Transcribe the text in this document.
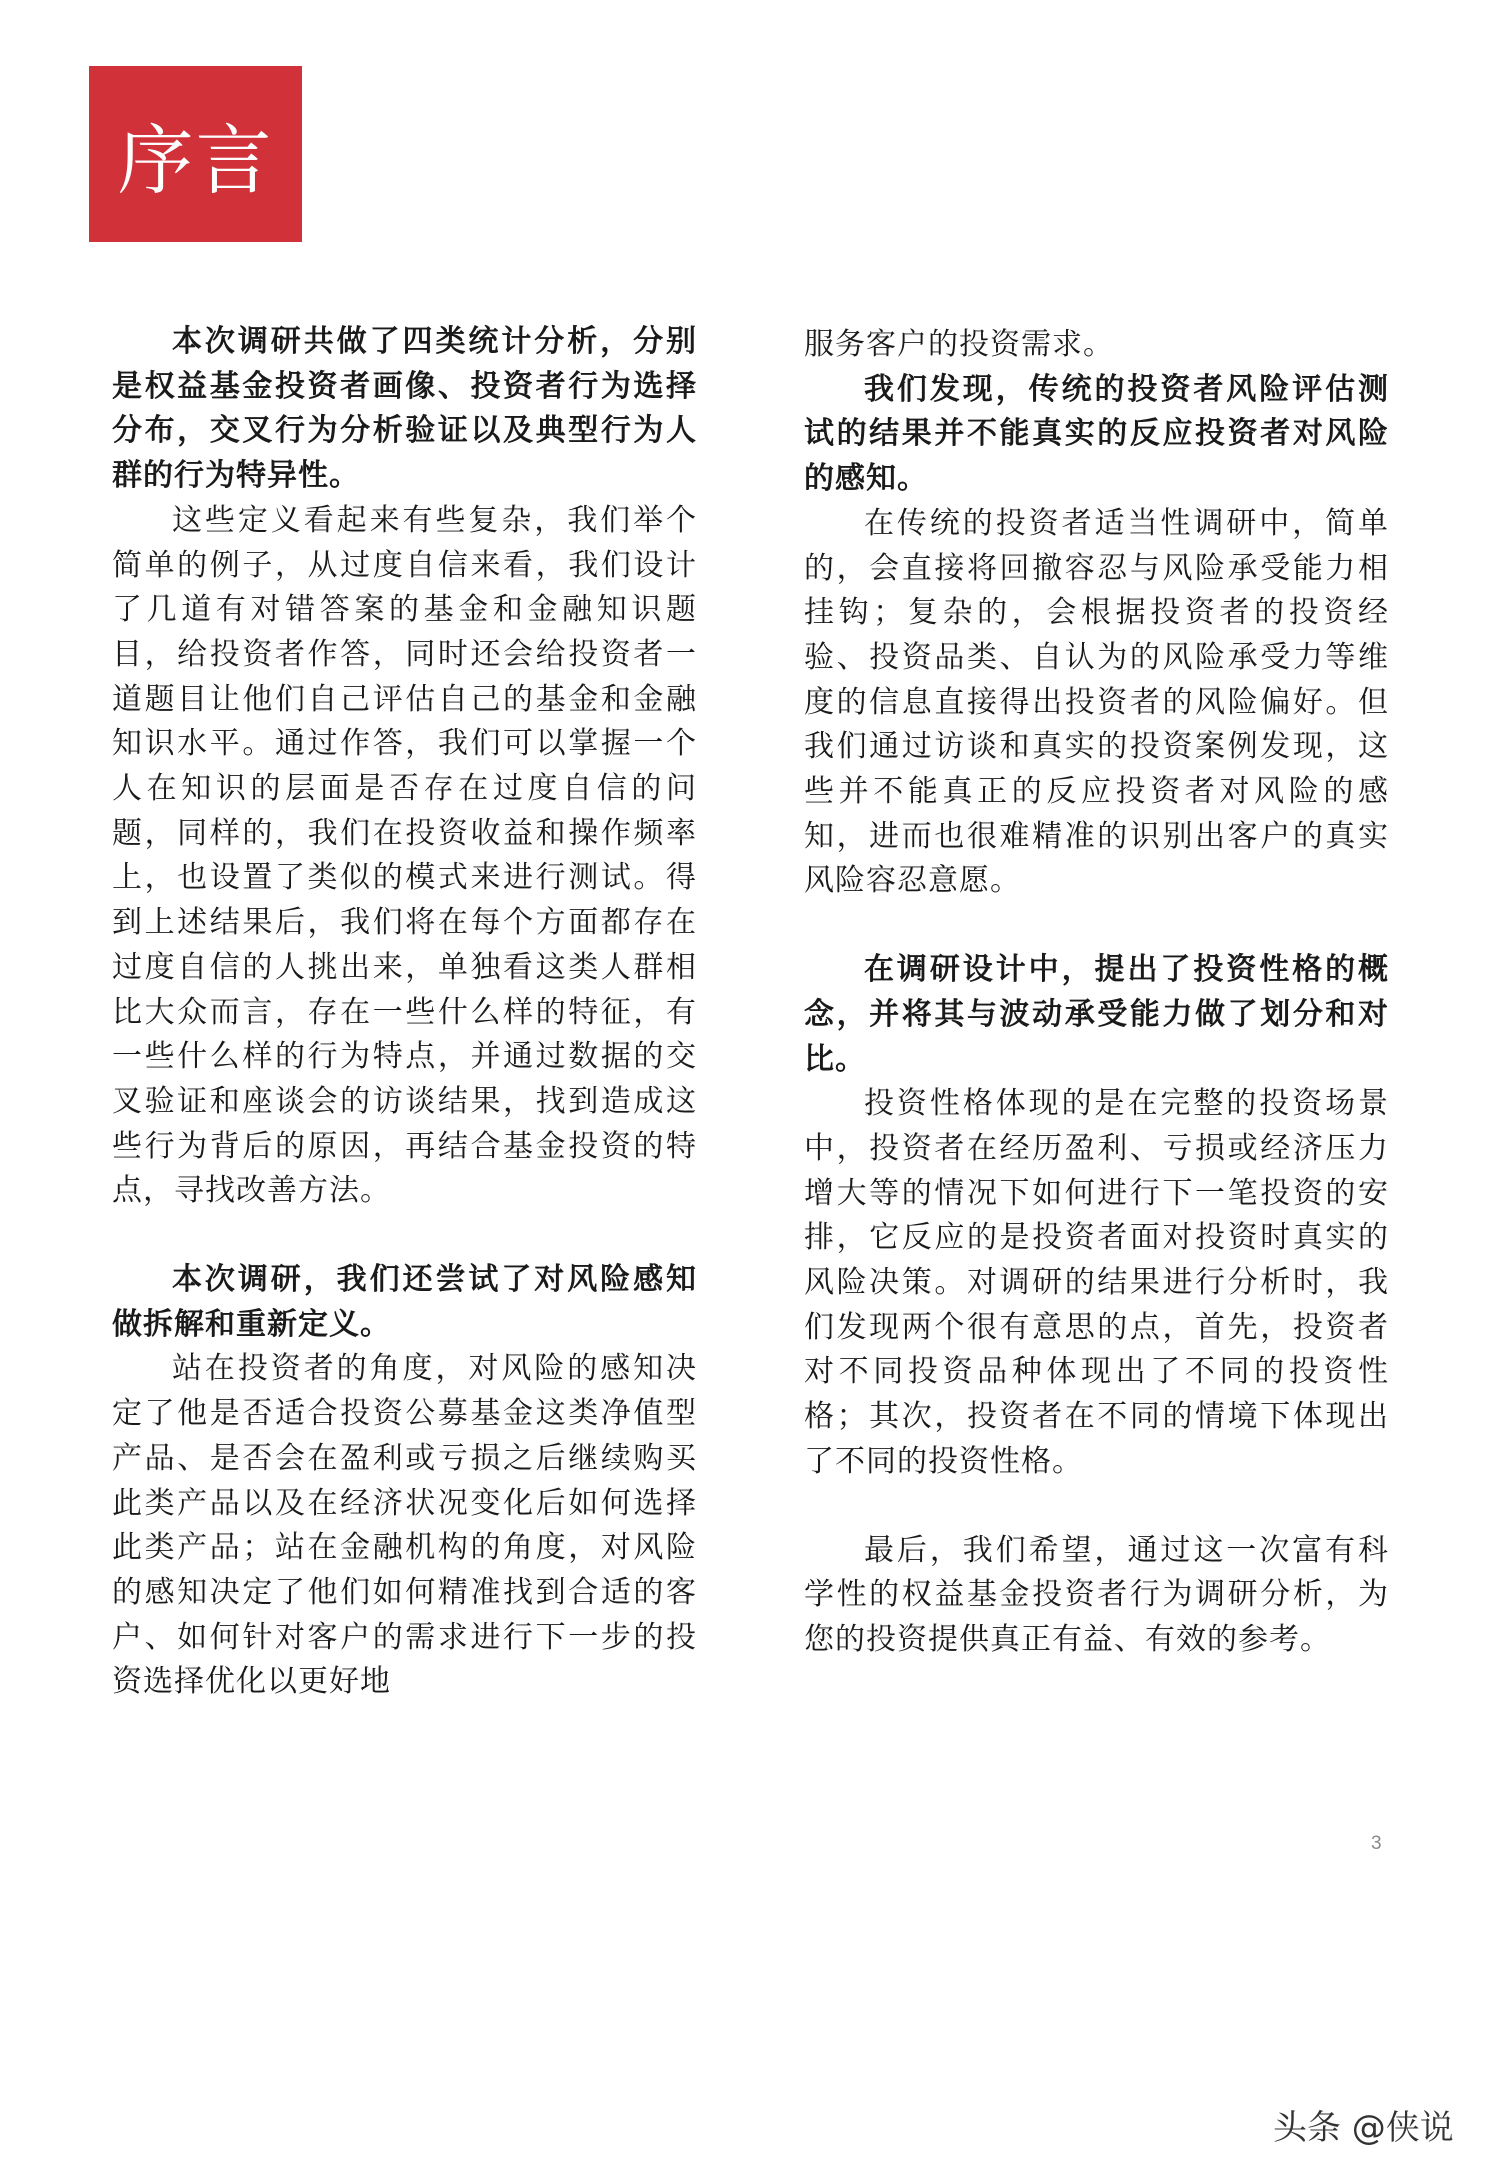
序言

本次调研共做了四类统计分析，分别是权益基金投资者画像、投资者行为选择分布，交叉行为分析验证以及典型行为人群的行为特异性。

这些定义看起来有些复杂，我们举个简单的例子，从过度自信来看，我们设计了几道有对错答案的基金和金融知识题目，给投资者作答，同时还会给投资者一道题目让他们自己评估自己的基金和金融知识水平。通过作答，我们可以掌握一个人在知识的层面是否存在过度自信的问题，同样的，我们在投资收益和操作频率上，也设置了类似的模式来进行测试。得到上述结果后，我们将在每个方面都存在过度自信的人挑出来，单独看这类人群相比大众而言，存在一些什么样的特征，有一些什么样的行为特点，并通过数据的交叉验证和座谈会的访谈结果，找到造成这些行为背后的原因，再结合基金投资的特点，寻找改善方法。

本次调研，我们还尝试了对风险感知做拆解和重新定义。

站在投资者的角度，对风险的感知决定了他是否适合投资公募基金这类净值型产品、是否会在盈利或亏损之后继续购买此类产品以及在经济状况变化后如何选择此类产品；站在金融机构的角度，对风险的感知决定了他们如何精准找到合适的客户、如何针对客户的需求进行下一步的投资选择优化以更好地

服务客户的投资需求。

我们发现，传统的投资者风险评估测试的结果并不能真实的反应投资者对风险的感知。

在传统的投资者适当性调研中，简单的，会直接将回撤容忍与风险承受能力相挂钩；复杂的，会根据投资者的投资经验、投资品类、自认为的风险承受力等维度的信息直接得出投资者的风险偏好。但我们通过访谈和真实的投资案例发现，这些并不能真正的反应投资者对风险的感知，进而也很难精准的识别出客户的真实风险容忍意愿。

在调研设计中，提出了投资性格的概念，并将其与波动承受能力做了划分和对比。

投资性格体现的是在完整的投资场景中，投资者在经历盈利、亏损或经济压力增大等的情况下如何进行下一笔投资的安排，它反应的是投资者面对投资时真实的风险决策。对调研的结果进行分析时，我们发现两个很有意思的点，首先，投资者对不同投资品种体现出了不同的投资性格；其次，投资者在不同的情境下体现出了不同的投资性格。

最后，我们希望，通过这一次富有科学性的权益基金投资者行为调研分析，为您的投资提供真正有益、有效的参考。

3
头条 @侠说
